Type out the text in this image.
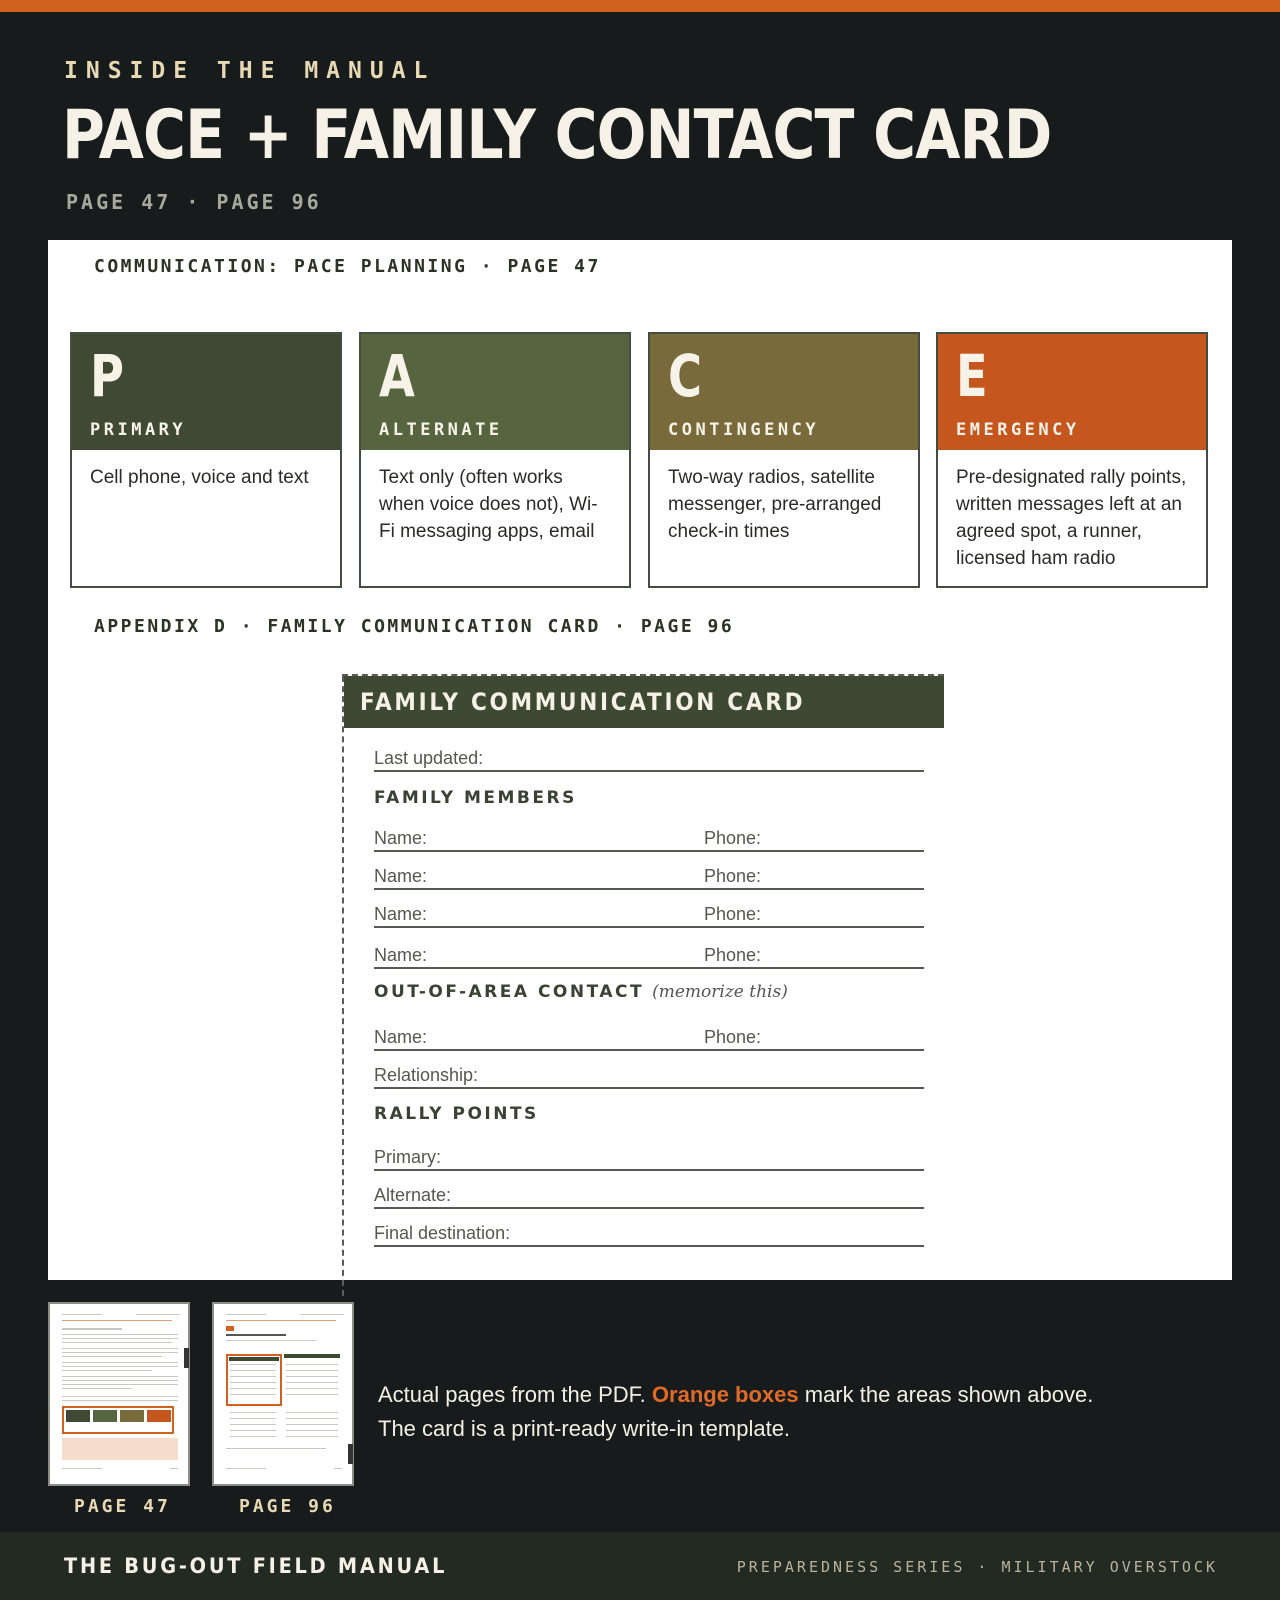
INSIDE THE MANUAL
PACE + FAMILY CONTACT CARD
PAGE 47 · PAGE 96
COMMUNICATION: PACE PLANNING · PAGE 47
P
PRIMARY
Cell phone, voice and text
A
ALTERNATE
Text only (often works when voice does not), Wi-Fi messaging apps, email
C
CONTINGENCY
Two-way radios, satellite messenger, pre-arranged check-in times
E
EMERGENCY
Pre-designated rally points, written messages left at an agreed spot, a runner, licensed ham radio
APPENDIX D · FAMILY COMMUNICATION CARD · PAGE 96
FAMILY COMMUNICATION CARD
Last updated:
FAMILY MEMBERS
Name:	Phone:
Name:	Phone:
Name:	Phone:
Name:	Phone:
OUT-OF-AREA CONTACT (memorize this)
Name:	Phone:
Relationship:
RALLY POINTS
Primary:
Alternate:
Final destination:
PAGE 47	PAGE 96
Actual pages from the PDF. Orange boxes mark the areas shown above. The card is a print-ready write-in template.
THE BUG-OUT FIELD MANUAL	PREPAREDNESS SERIES · MILITARY OVERSTOCK
